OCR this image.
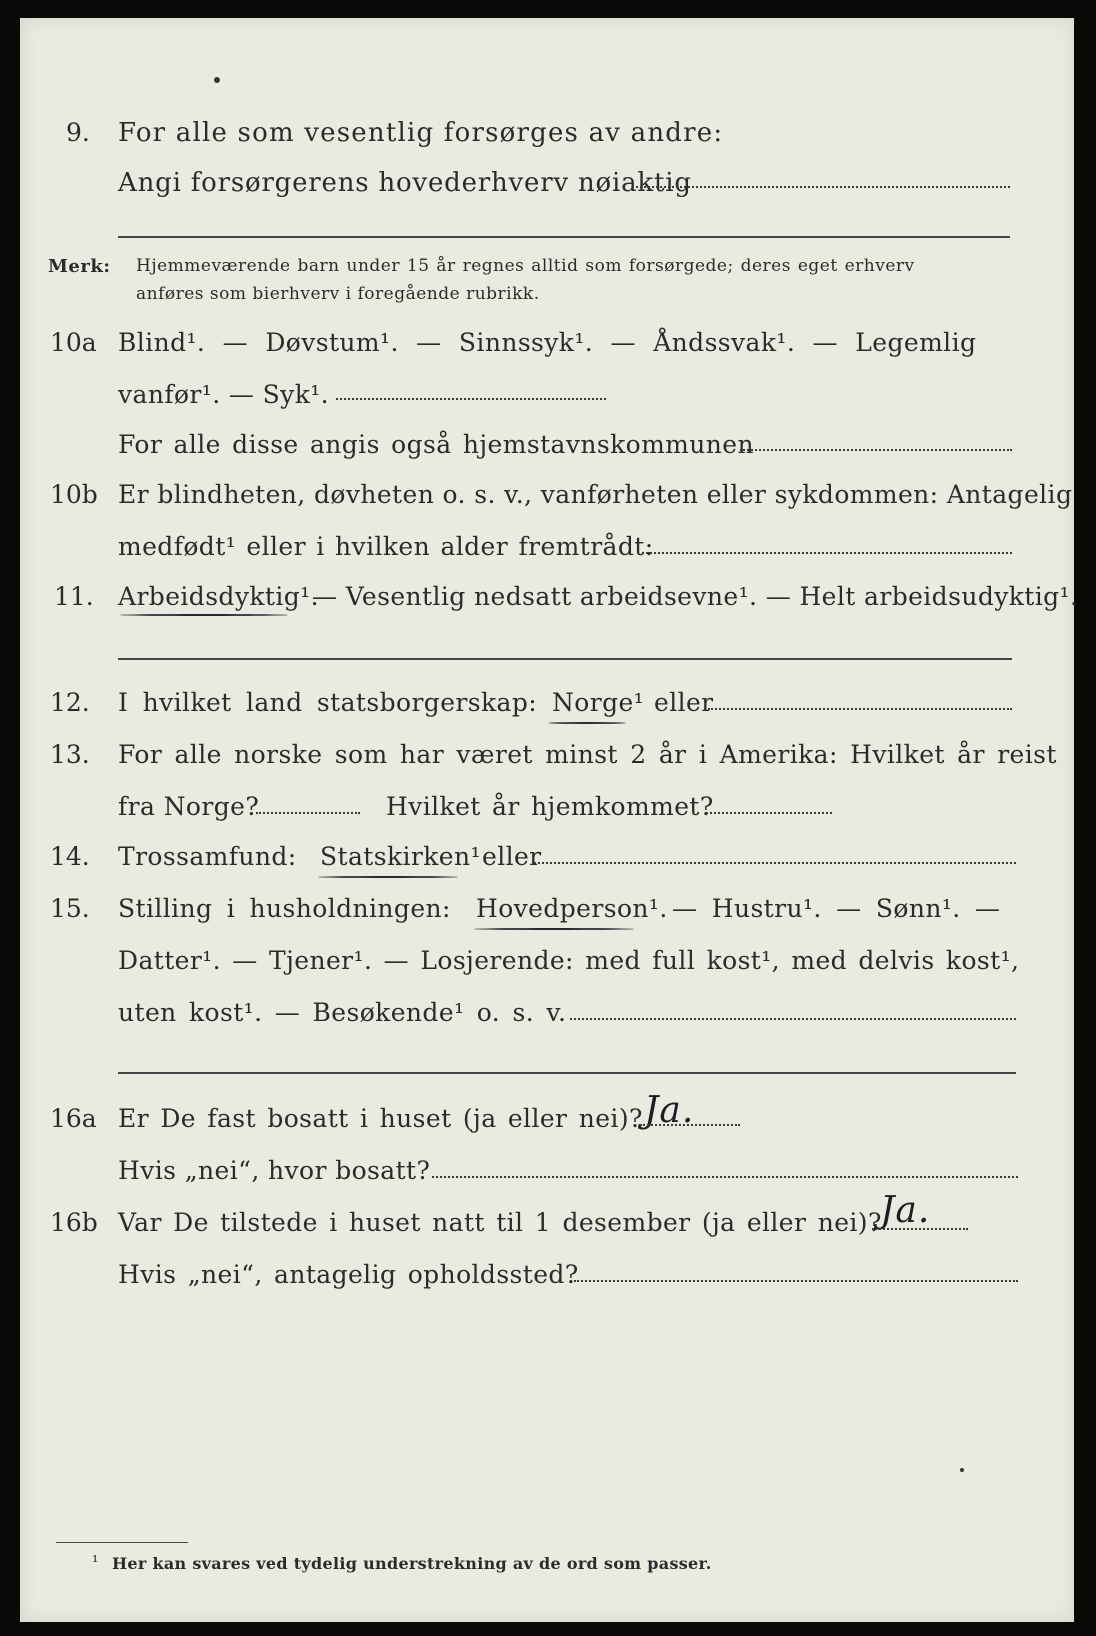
9. For alle som vesentlig forsørges av andre:
Angi forsørgerens hovederhverv nøiaktig
Merk: Hjemmeværende barn under 15 år regnes alltid som forsørgede; deres eget erhverv
anføres som bierhverv i foregående rubrikk.
10a Blind¹. — Døvstum¹. — Sinnssyk¹. — Åndssvak¹. — Legemlig
vanfør¹. — Syk¹.
For alle disse angis også hjemstavnskommunen
10b Er blindheten, døvheten o. s. v., vanførheten eller sykdommen: Antagelig
medfødt¹ eller i hvilken alder fremtrådt:
11. Arbeidsdyktig¹.
— Vesentlig nedsatt arbeidsevne¹. — Helt arbeidsudyktig¹.
12. I hvilket land statsborgerskap: Norge¹ eller
13. For alle norske som har været minst 2 år i Amerika: Hvilket år reist
fra Norge?	Hvilket år hjemkommet?
14. Trossamfund: Statskirken¹ eller
15. Stilling i husholdningen: Hovedperson¹. — Hustru¹. — Sønn¹. —
Datter¹. — Tjener¹. — Losjerende: med full kost¹, med delvis kost¹,
uten kost¹. — Besøkende¹ o. s. v.
16a Er De fast bosatt i huset (ja eller nei)? Ja.
Hvis „nei“, hvor bosatt?
16b Var De tilstede i huset natt til 1 desember (ja eller nei)?
Ja.
Hvis „nei“, antagelig opholdssted?
¹ Her kan svares ved tydelig understrekning av de ord som passer.
